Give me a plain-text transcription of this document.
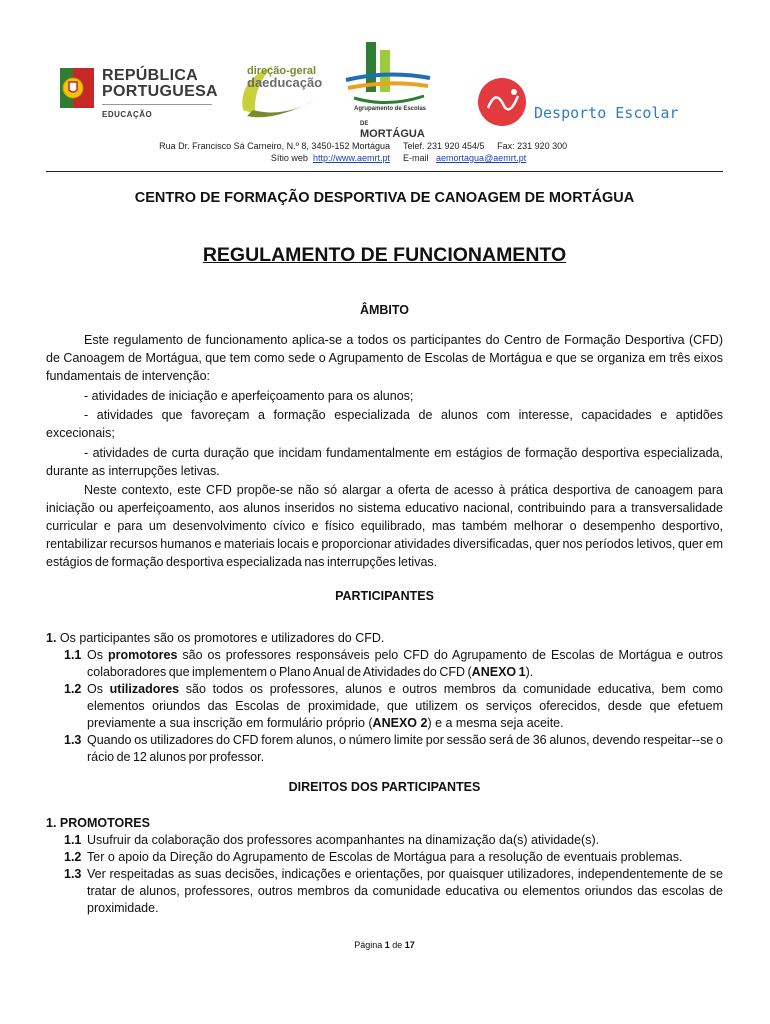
REPÚBLICA
PORTUGUESA
EDUCAÇÃO
direção-geral
daeducação
Agrupamento de Escolas
DE MORTÁGUA
Desporto Escolar
Rua Dr. Francisco Sá Carneiro, N.º 8, 3450-152 Mortágua
Sítio web http://www.aemrt.pt
Telef. 231 920 454/5 Fax: 231 920 300
E-mail aemortagua@aemrt.pt
CENTRO DE FORMAÇÃO DESPORTIVA DE CANOAGEM DE MORTÁGUA
REGULAMENTO DE FUNCIONAMENTO
ÂMBITO
Este regulamento de funcionamento aplica-se a todos os participantes do Centro de Formação Desportiva (CFD) de Canoagem de Mortágua, que tem como sede o Agrupamento de Escolas de Mortágua e que se organiza em três eixos fundamentais de intervenção:
- atividades de iniciação e aperfeiçoamento para os alunos;
- atividades que favoreçam a formação especializada de alunos com interesse, capacidades e aptidões excecionais;
- atividades de curta duração que incidam fundamentalmente em estágios de formação desportiva especializada, durante as interrupções letivas.
Neste contexto, este CFD propõe-se não só alargar a oferta de acesso à prática desportiva de canoagem para iniciação ou aperfeiçoamento, aos alunos inseridos no sistema educativo nacional, contribuindo para a transversalidade curricular e para um desenvolvimento cívico e físico equilibrado, mas também melhorar o desempenho desportivo, rentabilizar recursos humanos e materiais locais e proporcionar atividades diversificadas, quer nos períodos letivos, quer em estágios de formação desportiva especializada nas interrupções letivas.
PARTICIPANTES
1. Os participantes são os promotores e utilizadores do CFD.
1.1 Os promotores são os professores responsáveis pelo CFD do Agrupamento de Escolas de Mortágua e outros colaboradores que implementem o Plano Anual de Atividades do CFD (ANEXO 1).
1.2 Os utilizadores são todos os professores, alunos e outros membros da comunidade educativa, bem como elementos oriundos das Escolas de proximidade, que utilizem os serviços oferecidos, desde que efetuem previamente a sua inscrição em formulário próprio (ANEXO 2) e a mesma seja aceite.
1.3 Quando os utilizadores do CFD forem alunos, o número limite por sessão será de 36 alunos, devendo respeitar--se o rácio de 12 alunos por professor.
DIREITOS DOS PARTICIPANTES
1. PROMOTORES
1.1 Usufruir da colaboração dos professores acompanhantes na dinamização da(s) atividade(s).
1.2 Ter o apoio da Direção do Agrupamento de Escolas de Mortágua para a resolução de eventuais problemas.
1.3 Ver respeitadas as suas decisões, indicações e orientações, por quaisquer utilizadores, independentemente de se tratar de alunos, professores, outros membros da comunidade educativa ou elementos oriundos das escolas de proximidade.
Página 1 de 17
